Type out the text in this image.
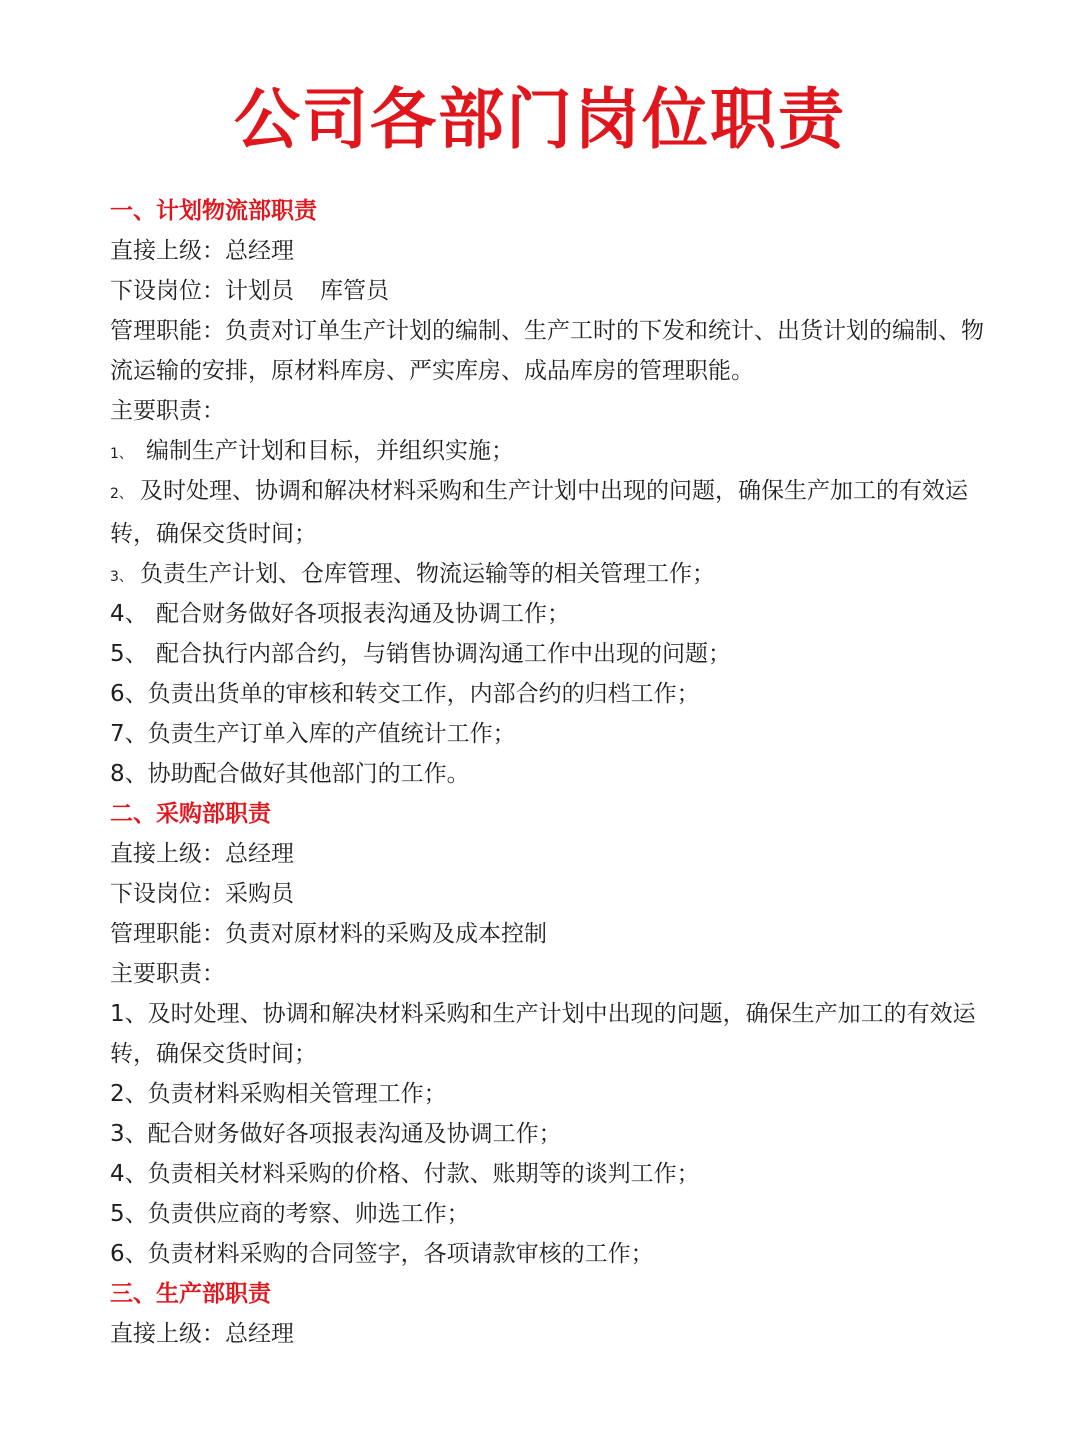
公司各部门岗位职责
一、计划物流部职责
直接上级：总经理
下设岗位：计划员 库管员
管理职能：负责对订单生产计划的编制、生产工时的下发和统计、出货计划的编制、物流运输的安排，原材料库房、严实库房、成品库房的管理职能。
主要职责：
1、 编制生产计划和目标，并组织实施；
2、 及时处理、协调和解决材料采购和生产计划中出现的问题，确保生产加工的有效运转，确保交货时间；
3、 负责生产计划、仓库管理、物流运输等的相关管理工作；
4、 配合财务做好各项报表沟通及协调工作；
5、 配合执行内部合约，与销售协调沟通工作中出现的问题；
6、负责出货单的审核和转交工作，内部合约的归档工作；
7、负责生产订单入库的产值统计工作；
8、协助配合做好其他部门的工作。
二、采购部职责
直接上级：总经理
下设岗位：采购员
管理职能：负责对原材料的采购及成本控制
主要职责：
1、及时处理、协调和解决材料采购和生产计划中出现的问题，确保生产加工的有效运转，确保交货时间；
2、负责材料采购相关管理工作；
3、配合财务做好各项报表沟通及协调工作；
4、负责相关材料采购的价格、付款、账期等的谈判工作；
5、负责供应商的考察、帅选工作；
6、负责材料采购的合同签字，各项请款审核的工作；
三、生产部职责
直接上级：总经理
